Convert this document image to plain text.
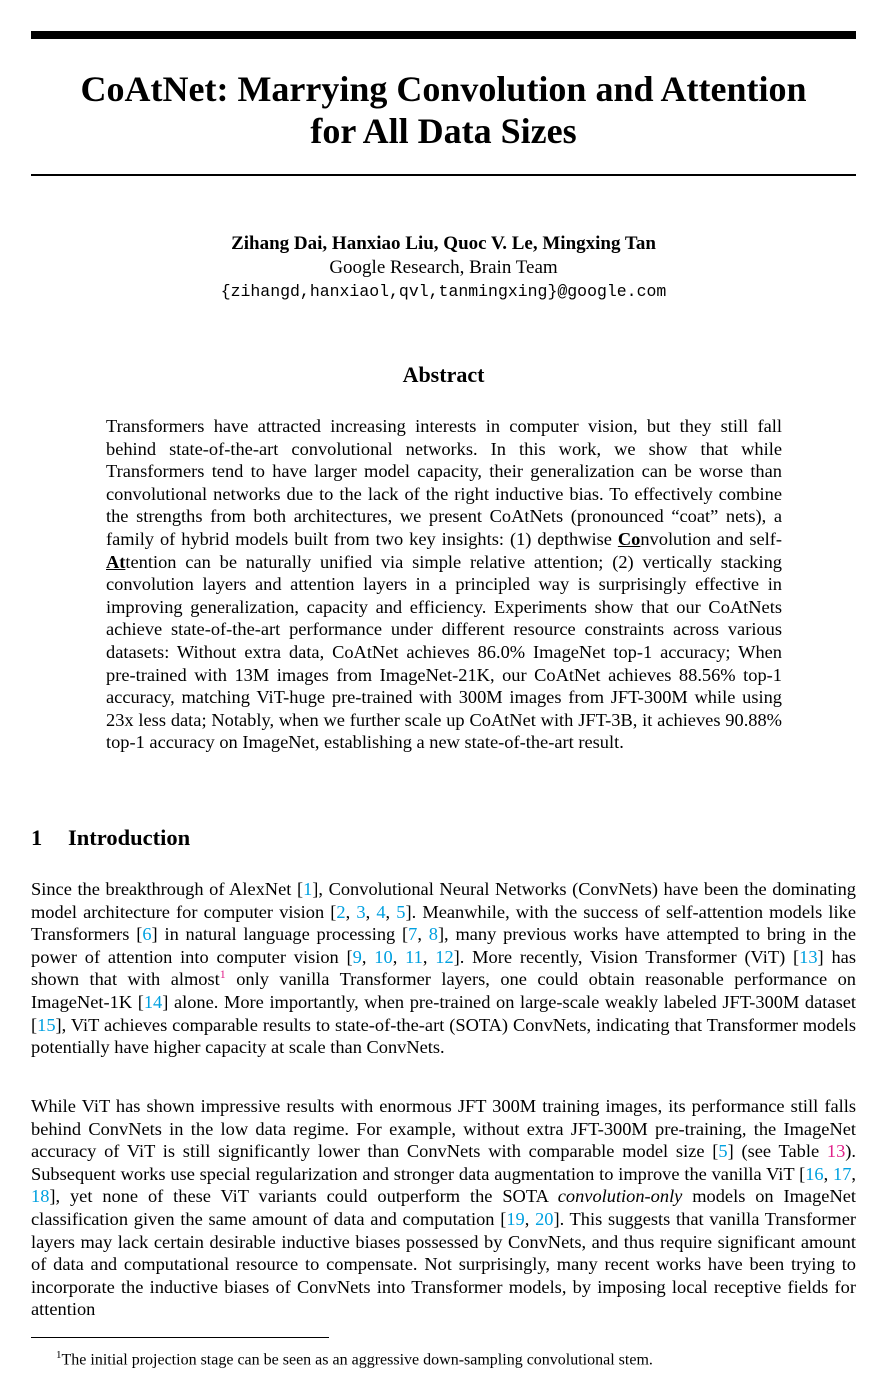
CoAtNet: Marrying Convolution and Attention
for All Data Sizes
Zihang Dai, Hanxiao Liu, Quoc V. Le, Mingxing Tan
Google Research, Brain Team
{zihangd,hanxiaol,qvl,tanmingxing}@google.com
Abstract

Transformers have attracted increasing interests in computer vision, but they still fall behind state-of-the-art convolutional networks. In this work, we show that while Transformers tend to have larger model capacity, their generalization can be worse than convolutional networks due to the lack of the right inductive bias. To effectively combine the strengths from both architectures, we present CoAtNets (pronounced “coat” nets), a family of hybrid models built from two key insights: (1) depthwise Convolution and self-Attention can be naturally unified via simple relative attention; (2) vertically stacking convolution layers and attention layers in a principled way is surprisingly effective in improving generalization, capacity and efficiency. Experiments show that our CoAtNets achieve state-of-the-art performance under different resource constraints across various datasets: Without extra data, CoAtNet achieves 86.0% ImageNet top-1 accuracy; When pre-trained with 13M images from ImageNet-21K, our CoAtNet achieves 88.56% top-1 accuracy, matching ViT-huge pre-trained with 300M images from JFT-300M while using 23x less data; Notably, when we further scale up CoAtNet with JFT-3B, it achieves 90.88% top-1 accuracy on ImageNet, establishing a new state-of-the-art result.

1 Introduction

Since the breakthrough of AlexNet [1], Convolutional Neural Networks (ConvNets) have been the dominating model architecture for computer vision [2, 3, 4, 5]. Meanwhile, with the success of self-attention models like Transformers [6] in natural language processing [7, 8], many previous works have attempted to bring in the power of attention into computer vision [9, 10, 11, 12]. More recently, Vision Transformer (ViT) [13] has shown that with almost$^1$ only vanilla Transformer layers, one could obtain reasonable performance on ImageNet-1K [14] alone. More importantly, when pre-trained on large-scale weakly labeled JFT-300M dataset [15], ViT achieves comparable results to state-of-the-art (SOTA) ConvNets, indicating that Transformer models potentially have higher capacity at scale than ConvNets.

While ViT has shown impressive results with enormous JFT 300M training images, its performance still falls behind ConvNets in the low data regime. For example, without extra JFT-300M pre-training, the ImageNet accuracy of ViT is still significantly lower than ConvNets with comparable model size [5] (see Table 13). Subsequent works use special regularization and stronger data augmentation to improve the vanilla ViT [16, 17, 18], yet none of these ViT variants could outperform the SOTA convolution-only models on ImageNet classification given the same amount of data and computation [19, 20]. This suggests that vanilla Transformer layers may lack certain desirable inductive biases possessed by ConvNets, and thus require significant amount of data and computational resource to compensate. Not surprisingly, many recent works have been trying to incorporate the inductive biases of ConvNets into Transformer models, by imposing local receptive fields for attention

$^1$The initial projection stage can be seen as an aggressive down-sampling convolutional stem.
